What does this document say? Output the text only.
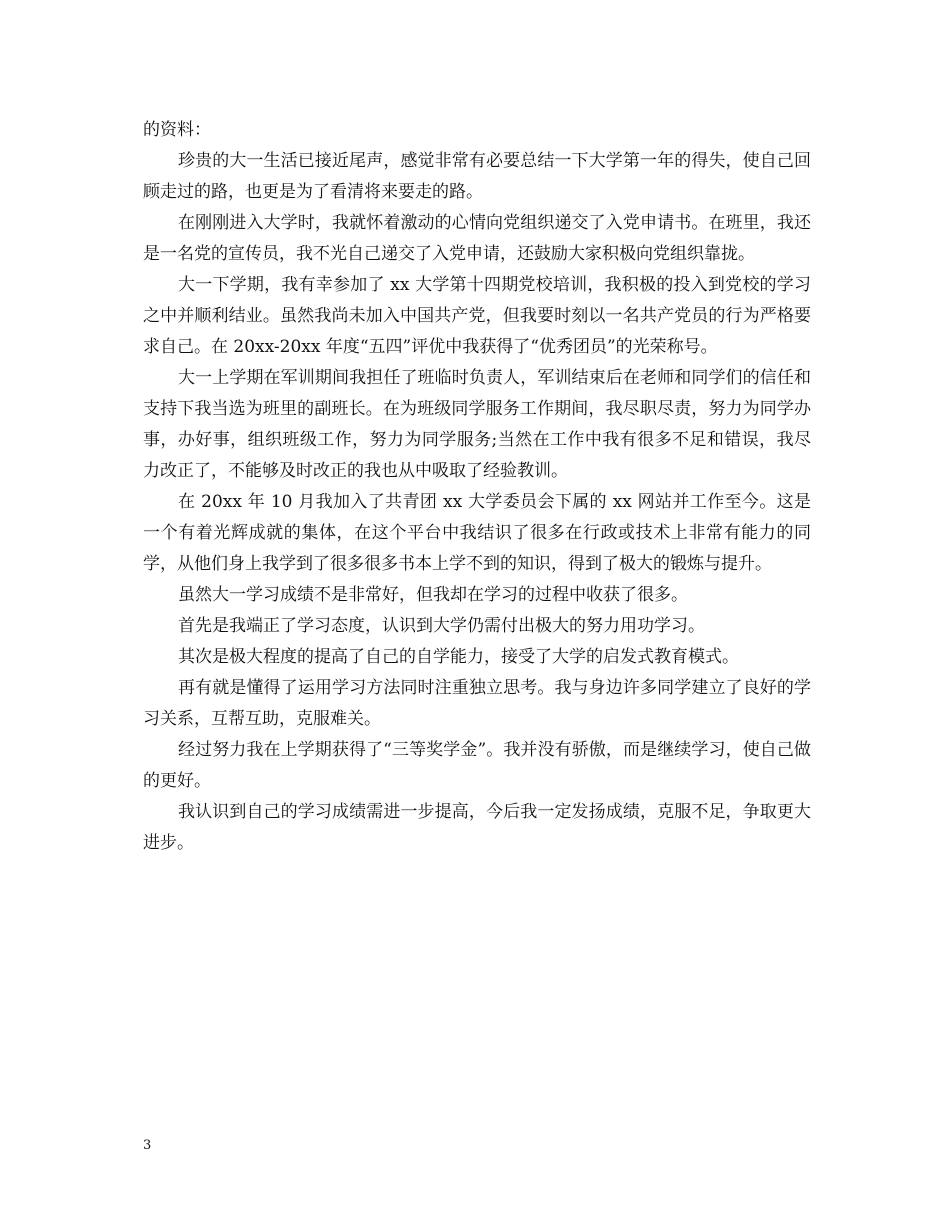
的资料：

珍贵的大一生活已接近尾声，感觉非常有必要总结一下大学第一年的得失，使自己回顾走过的路，也更是为了看清将来要走的路。

在刚刚进入大学时，我就怀着激动的心情向党组织递交了入党申请书。在班里，我还是一名党的宣传员，我不光自己递交了入党申请，还鼓励大家积极向党组织靠拢。

大一下学期，我有幸参加了 xx 大学第十四期党校培训，我积极的投入到党校的学习之中并顺利结业。虽然我尚未加入中国共产党，但我要时刻以一名共产党员的行为严格要求自己。在 20xx-20xx 年度“五四”评优中我获得了“优秀团员”的光荣称号。

大一上学期在军训期间我担任了班临时负责人，军训结束后在老师和同学们的信任和支持下我当选为班里的副班长。在为班级同学服务工作期间，我尽职尽责，努力为同学办事，办好事，组织班级工作，努力为同学服务;当然在工作中我有很多不足和错误，我尽力改正了，不能够及时改正的我也从中吸取了经验教训。

在 20xx 年 10 月我加入了共青团 xx 大学委员会下属的 xx 网站并工作至今。这是一个有着光辉成就的集体，在这个平台中我结识了很多在行政或技术上非常有能力的同学，从他们身上我学到了很多很多书本上学不到的知识，得到了极大的锻炼与提升。

虽然大一学习成绩不是非常好，但我却在学习的过程中收获了很多。

首先是我端正了学习态度，认识到大学仍需付出极大的努力用功学习。

其次是极大程度的提高了自己的自学能力，接受了大学的启发式教育模式。

再有就是懂得了运用学习方法同时注重独立思考。我与身边许多同学建立了良好的学习关系，互帮互助，克服难关。

经过努力我在上学期获得了“三等奖学金”。我并没有骄傲，而是继续学习，使自己做的更好。

我认识到自己的学习成绩需进一步提高，今后我一定发扬成绩，克服不足，争取更大进步。

3
